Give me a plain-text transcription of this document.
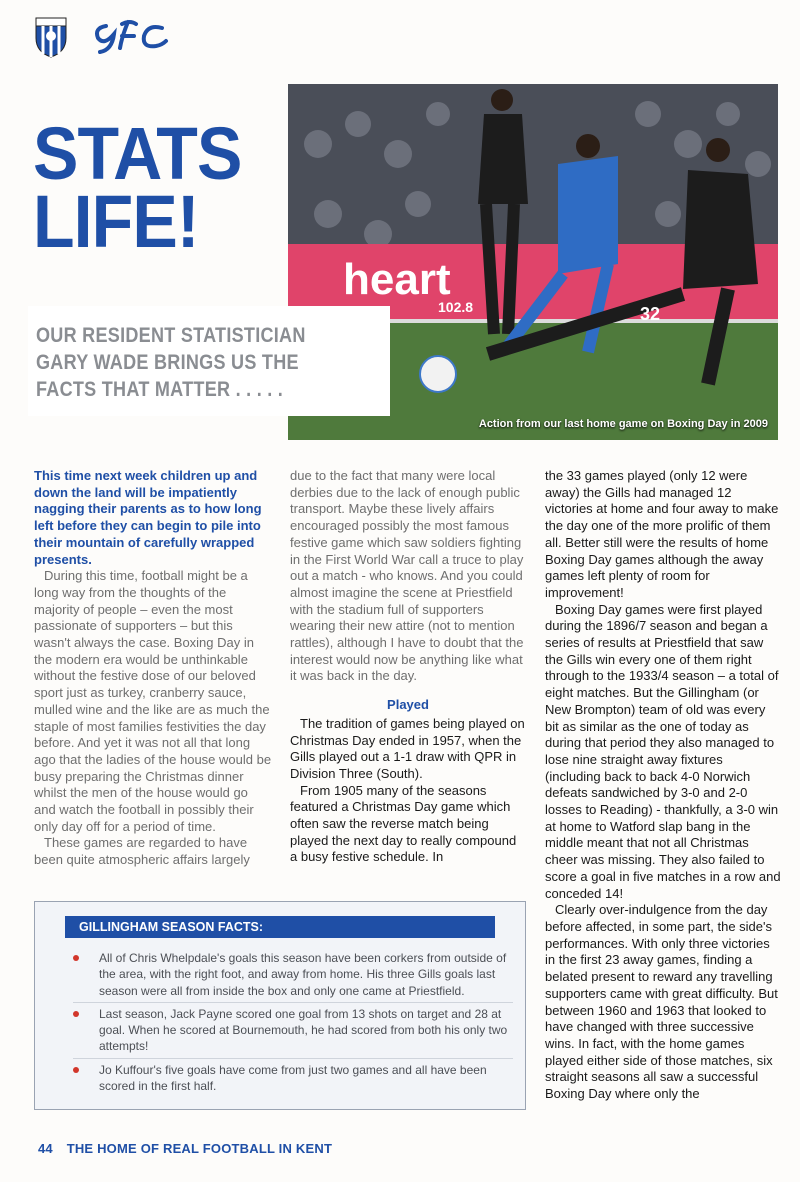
STATS
LIFE!
heart
102.8	32
Action from our last home game on Boxing Day in 2009
OUR RESIDENT STATISTICIAN GARY WADE BRINGS US THE FACTS THAT MATTER . . . . .

This time next week children up and down the land will be impatiently nagging their parents as to how long left before they can begin to pile into their mountain of carefully wrapped presents.

During this time, football might be a long way from the thoughts of the majority of people – even the most passionate of supporters – but this wasn't always the case. Boxing Day in the modern era would be unthinkable without the festive dose of our beloved sport just as turkey, cranberry sauce, mulled wine and the like are as much the staple of most families festivities the day before. And yet it was not all that long ago that the ladies of the house would be busy preparing the Christmas dinner whilst the men of the house would go and watch the football in possibly their only day off for a period of time.

These games are regarded to have been quite atmospheric affairs largely

due to the fact that many were local derbies due to the lack of enough public transport. Maybe these lively affairs encouraged possibly the most famous festive game which saw soldiers fighting in the First World War call a truce to play out a match - who knows. And you could almost imagine the scene at Priestfield with the stadium full of supporters wearing their new attire (not to mention rattles), although I have to doubt that the interest would now be anything like what it was back in the day.

Played

The tradition of games being played on Christmas Day ended in 1957, when the Gills played out a 1-1 draw with QPR in Division Three (South).

From 1905 many of the seasons featured a Christmas Day game which often saw the reverse match being played the next day to really compound a busy festive schedule. In

the 33 games played (only 12 were away) the Gills had managed 12 victories at home and four away to make the day one of the more prolific of them all. Better still were the results of home Boxing Day games although the away games left plenty of room for improvement!

Boxing Day games were first played during the 1896/7 season and began a series of results at Priestfield that saw the Gills win every one of them right through to the 1933/4 season – a total of eight matches. But the Gillingham (or New Brompton) team of old was every bit as similar as the one of today as during that period they also managed to lose nine straight away fixtures (including back to back 4-0 Norwich defeats sandwiched by 3-0 and 2-0 losses to Reading) - thankfully, a 3-0 win at home to Watford slap bang in the middle meant that not all Christmas cheer was missing. They also failed to score a goal in five matches in a row and conceded 14!

Clearly over-indulgence from the day before affected, in some part, the side's performances. With only three victories in the first 23 away games, finding a belated present to reward any travelling supporters came with great difficulty. But between 1960 and 1963 that looked to have changed with three successive wins. In fact, with the home games played either side of those matches, six straight seasons all saw a successful Boxing Day where only the

GILLINGHAM SEASON FACTS:
All of Chris Whelpdale's goals this season have been corkers from outside of the area, with the right foot, and away from home. His three Gills goals last season were all from inside the box and only one came at Priestfield.
Last season, Jack Payne scored one goal from 13 shots on target and 28 at goal. When he scored at Bournemouth, he had scored from both his only two attempts!
Jo Kuffour's five goals have come from just two games and all have been scored in the first half.
44 THE HOME OF REAL FOOTBALL IN KENT
